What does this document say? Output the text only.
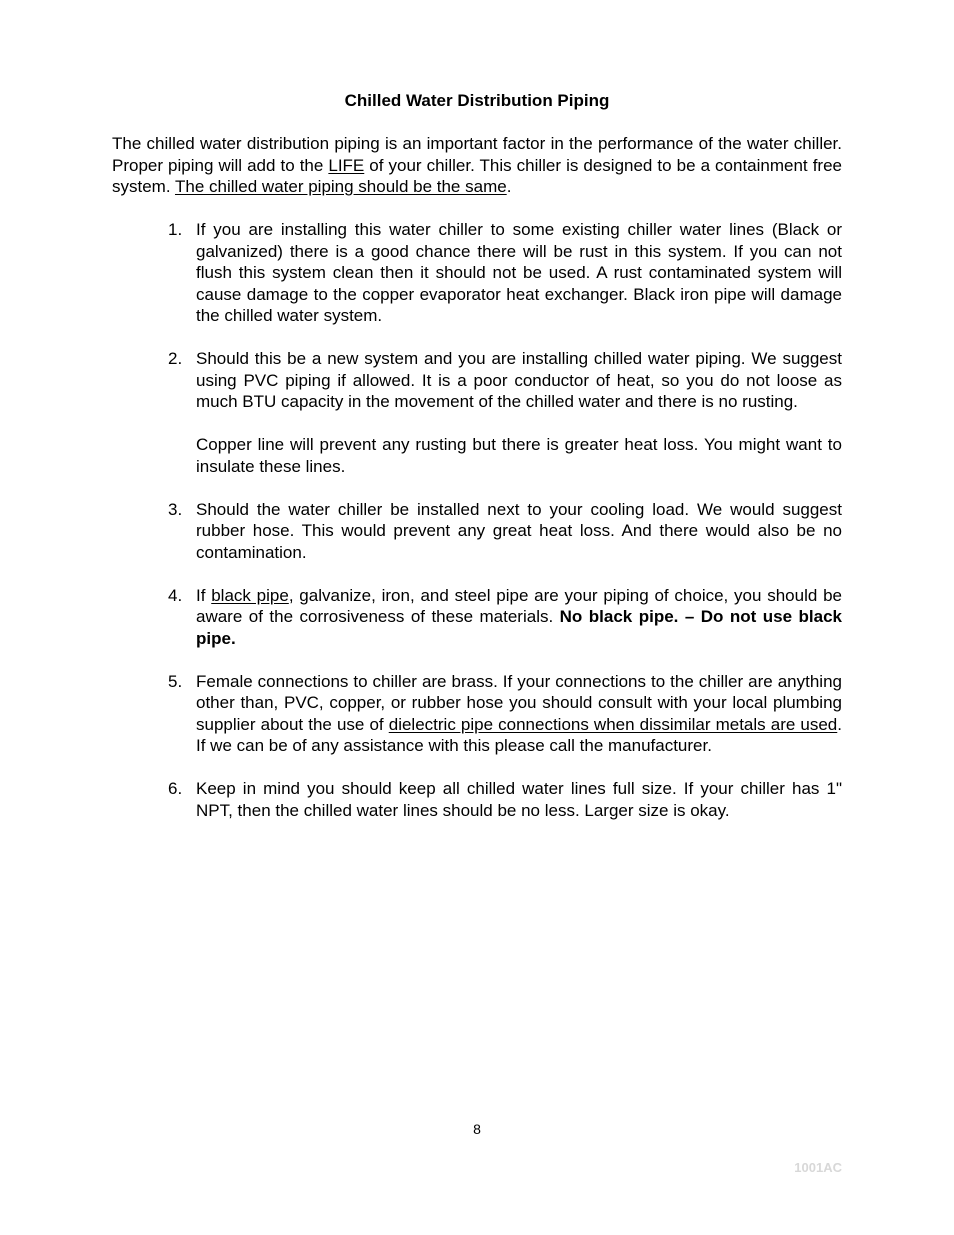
Chilled Water Distribution Piping

The chilled water distribution piping is an important factor in the performance of the water chiller. Proper piping will add to the LIFE of your chiller. This chiller is designed to be a containment free system. The chilled water piping should be the same.

1. If you are installing this water chiller to some existing chiller water lines (Black or galvanized) there is a good chance there will be rust in this system. If you can not flush this system clean then it should not be used. A rust contaminated system will cause damage to the copper evaporator heat exchanger. Black iron pipe will damage the chilled water system.

2. Should this be a new system and you are installing chilled water piping. We suggest using PVC piping if allowed. It is a poor conductor of heat, so you do not loose as much BTU capacity in the movement of the chilled water and there is no rusting.

Copper line will prevent any rusting but there is greater heat loss. You might want to insulate these lines.

3. Should the water chiller be installed next to your cooling load. We would suggest rubber hose. This would prevent any great heat loss. And there would also be no contamination.

4. If black pipe, galvanize, iron, and steel pipe are your piping of choice, you should be aware of the corrosiveness of these materials. No black pipe. – Do not use black pipe.

5. Female connections to chiller are brass. If your connections to the chiller are anything other than, PVC, copper, or rubber hose you should consult with your local plumbing supplier about the use of dielectric pipe connections when dissimilar metals are used. If we can be of any assistance with this please call the manufacturer.

6. Keep in mind you should keep all chilled water lines full size. If your chiller has 1" NPT, then the chilled water lines should be no less. Larger size is okay.

8
1001AC
